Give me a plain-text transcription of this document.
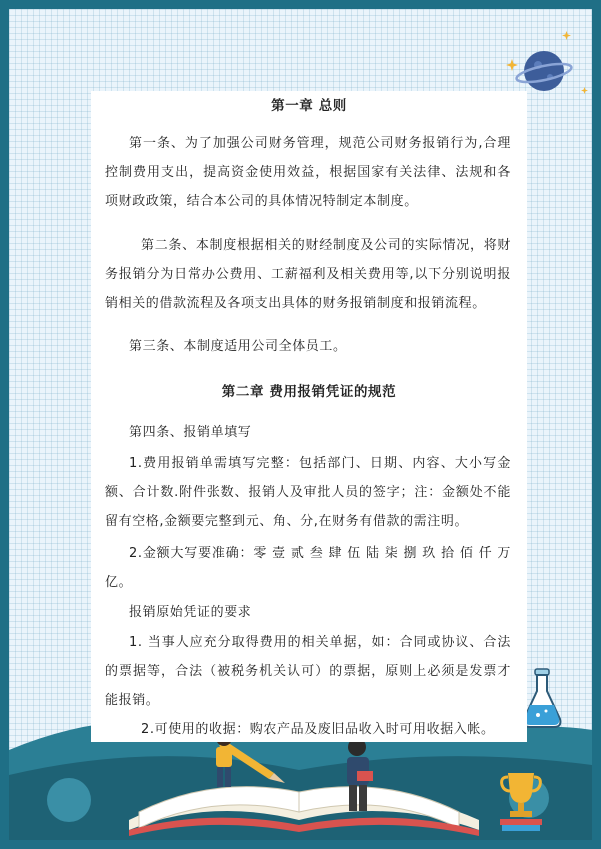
第一章 总则

第一条、为了加强公司财务管理，规范公司财务报销行为,合理控制费用支出，提高资金使用效益，根据国家有关法律、法规和各项财政政策，结合本公司的具体情况特制定本制度。

第二条、本制度根据相关的财经制度及公司的实际情况，将财务报销分为日常办公费用、工薪福利及相关费用等,以下分别说明报销相关的借款流程及各项支出具体的财务报销制度和报销流程。

第三条、本制度适用公司全体员工。

第二章 费用报销凭证的规范

第四条、报销单填写

1.费用报销单需填写完整：包括部门、日期、内容、大小写金额、合计数.附件张数、报销人及审批人员的签字；注：金额处不能留有空格,金额要完整到元、角、分,在财务有借款的需注明。

2.金额大写要准确：零 壹 贰 叁 肆 伍 陆 柒 捌 玖 拾 佰 仟 万 亿。

报销原始凭证的要求

1. 当事人应充分取得费用的相关单据，如：合同或协议、合法的票据等，合法（被税务机关认可）的票据，原则上必须是发票才能报销。

2.可使用的收据：购农产品及废旧品收入时可用收据入帐。
